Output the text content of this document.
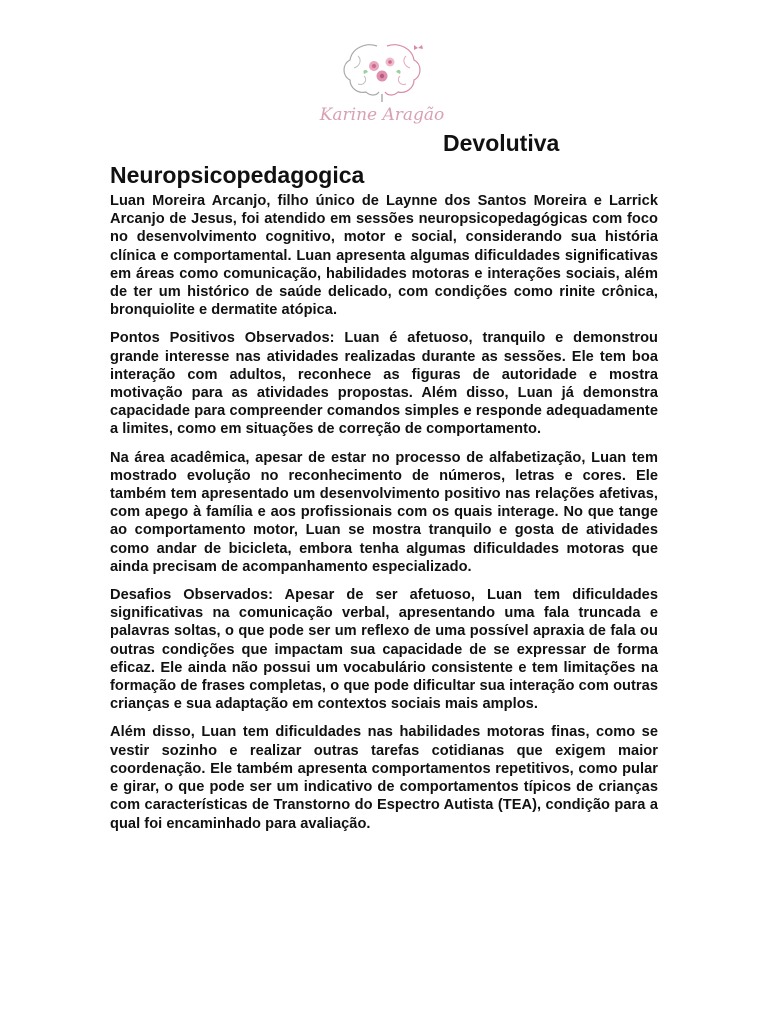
Karine Aragão
Devolutiva
Neuropsicopedagogica

Luan Moreira Arcanjo, filho único de Laynne dos Santos Moreira e Larrick Arcanjo de Jesus, foi atendido em sessões neuropsicopedagógicas com foco no desenvolvimento cognitivo, motor e social, considerando sua história clínica e comportamental. Luan apresenta algumas dificuldades significativas em áreas como comunicação, habilidades motoras e interações sociais, além de ter um histórico de saúde delicado, com condições como rinite crônica, bronquiolite e dermatite atópica.

Pontos Positivos Observados: Luan é afetuoso, tranquilo e demonstrou grande interesse nas atividades realizadas durante as sessões. Ele tem boa interação com adultos, reconhece as figuras de autoridade e mostra motivação para as atividades propostas. Além disso, Luan já demonstra capacidade para compreender comandos simples e responde adequadamente a limites, como em situações de correção de comportamento.

Na área acadêmica, apesar de estar no processo de alfabetização, Luan tem mostrado evolução no reconhecimento de números, letras e cores. Ele também tem apresentado um desenvolvimento positivo nas relações afetivas, com apego à família e aos profissionais com os quais interage. No que tange ao comportamento motor, Luan se mostra tranquilo e gosta de atividades como andar de bicicleta, embora tenha algumas dificuldades motoras que ainda precisam de acompanhamento especializado.

Desafios Observados: Apesar de ser afetuoso, Luan tem dificuldades significativas na comunicação verbal, apresentando uma fala truncada e palavras soltas, o que pode ser um reflexo de uma possível apraxia de fala ou outras condições que impactam sua capacidade de se expressar de forma eficaz. Ele ainda não possui um vocabulário consistente e tem limitações na formação de frases completas, o que pode dificultar sua interação com outras crianças e sua adaptação em contextos sociais mais amplos.

Além disso, Luan tem dificuldades nas habilidades motoras finas, como se vestir sozinho e realizar outras tarefas cotidianas que exigem maior coordenação. Ele também apresenta comportamentos repetitivos, como pular e girar, o que pode ser um indicativo de comportamentos típicos de crianças com características de Transtorno do Espectro Autista (TEA), condição para a qual foi encaminhado para avaliação.
